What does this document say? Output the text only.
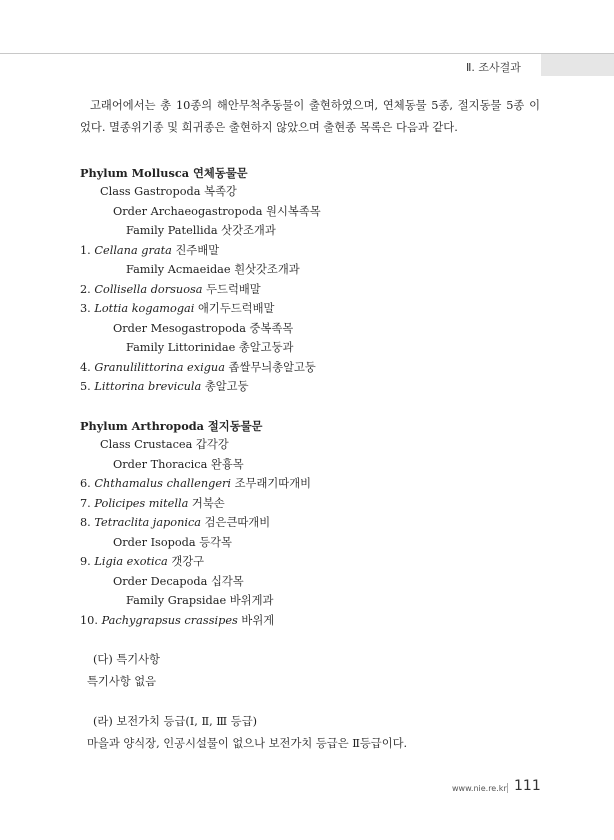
Ⅱ. 조사결과

고래어에서는 총 10종의 해안무척추동물이 출현하였으며, 연체동물 5종, 절지동물 5종 이었다. 멸종위기종 및 희귀종은 출현하지 않았으며 출현종 목록은 다음과 같다.

Phylum Mollusca 연체동물문
Class Gastropoda 복족강
Order Archaeogastropoda 원시복족목
Family Patellida 삿갓조개과
1. Cellana grata 진주배말
Family Acmaeidae 흰삿갓조개과
2. Collisella dorsuosa 두드럭배말
3. Lottia kogamogai 애기두드럭배말
Order Mesogastropoda 중복족목
Family Littorinidae 총알고둥과
4. Granulilittorina exigua 좁쌀무늬총알고둥
5. Littorina brevicula 총알고둥
Phylum Arthropoda 절지동물문
Class Crustacea 갑각강
Order Thoracica 완흉목
6. Chthamalus challengeri 조무래기따개비
7. Policipes mitella 거북손
8. Tetraclita japonica 검은큰따개비
Order Isopoda 등각목
9. Ligia exotica 갯강구
Order Decapoda 십각목
Family Grapsidae 바위게과
10. Pachygrapsus crassipes 바위게
(다) 특기사항
특기사항 없음
(라) 보전가치 등급(Ⅰ, Ⅱ, Ⅲ 등급)
마을과 양식장, 인공시설물이 없으나 보전가치 등급은 Ⅱ등급이다.
www.nie.re.kr 111
